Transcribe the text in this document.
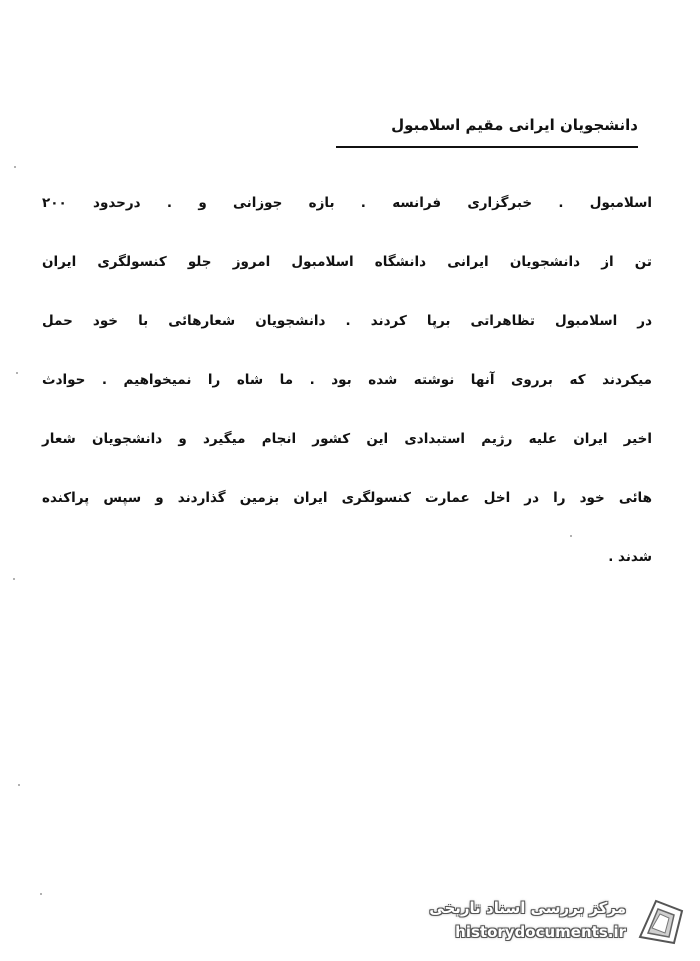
دانشجویان ایرانی مقیم اسلامبول
اسلامبول . خبرگزاری فرانسه . بازه جوزانی و . درحدود ۲۰۰
تن از دانشجویان ایرانی دانشگاه اسلامبول امروز جلو کنسولگری ایران
در اسلامبول تظاهراتی برپا کردند . دانشجویان شعارهائی با خود حمل
میکردند که برروی آنها نوشته شده بود . ما شاه را نمیخواهیم . حوادث
اخیر ایران علیه رژیم استبدادی این کشور انجام میگیرد و دانشجویان شعار
هائی خود را در اخل عمارت کنسولگری ایران بزمین گذاردند و سپس پراکنده
شدند .
مرکز بررسی اسناد تاریخی
historydocuments.ir
